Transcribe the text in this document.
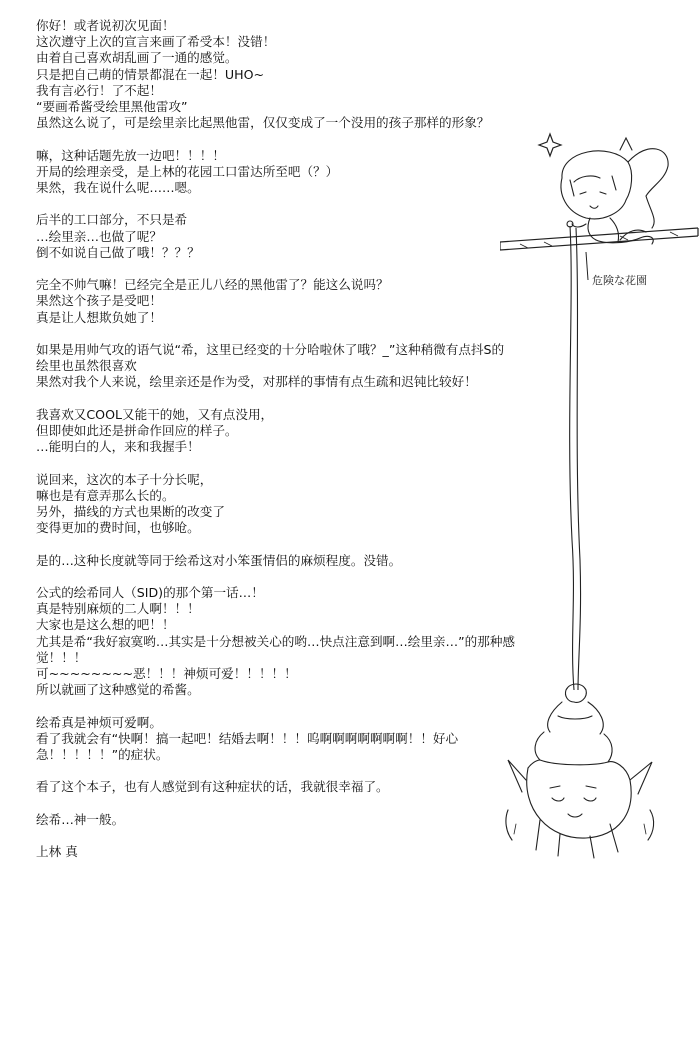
你好！或者说初次见面！
这次遵守上次的宣言来画了希受本！没错！
由着自己喜欢胡乱画了一通的感觉。
只是把自己萌的情景都混在一起！UHO~
我有言必行！了不起！
“要画希酱受绘里黑他雷攻”
虽然这么说了，可是绘里亲比起黑他雷，仅仅变成了一个没用的孩子那样的形象？
嘛，这种话题先放一边吧！！！！
开局的绘理亲受，是上林的花园工口雷达所至吧（？）
果然，我在说什么呢……嗯。
后半的工口部分，不只是希
…绘里亲…也做了呢？
倒不如说自己做了哦！？？？
完全不帅气嘛！已经完全是正儿八经的黑他雷了？能这么说吗？
果然这个孩子是受吧！
真是让人想欺负她了！
如果是用帅气攻的语气说“希，这里已经变的十分哈啦休了哦？_”这种稍微有点抖S的绘里也虽然很喜欢
果然对我个人来说，绘里亲还是作为受，对那样的事情有点生疏和迟钝比较好！
我喜欢又COOL又能干的她，又有点没用，
但即使如此还是拼命作回应的样子。
…能明白的人，来和我握手！
说回来，这次的本子十分长呢，
嘛也是有意弄那么长的。
另外，描线的方式也果断的改变了
变得更加的费时间，也够呛。
是的…这种长度就等同于绘希这对小笨蛋情侣的麻烦程度。没错。
公式的绘希同人（SID)的那个第一话…！
真是特别麻烦的二人啊！！！
大家也是这么想的吧！！
尤其是希“我好寂寞哟…其实是十分想被关心的哟…快点注意到啊…绘里亲…”的那种感觉！！！
可~~~~~~~~恶！！！神烦可爱！！！！！
所以就画了这种感觉的希酱。
绘希真是神烦可爱啊。
看了我就会有“快啊！搞一起吧！结婚去啊！！！呜啊啊啊啊啊啊啊！！好心急！！！！！”的症状。
看了这个本子，也有人感觉到有这种症状的话，我就很幸福了。
绘希…神一般。
上林 真
危険な花園
